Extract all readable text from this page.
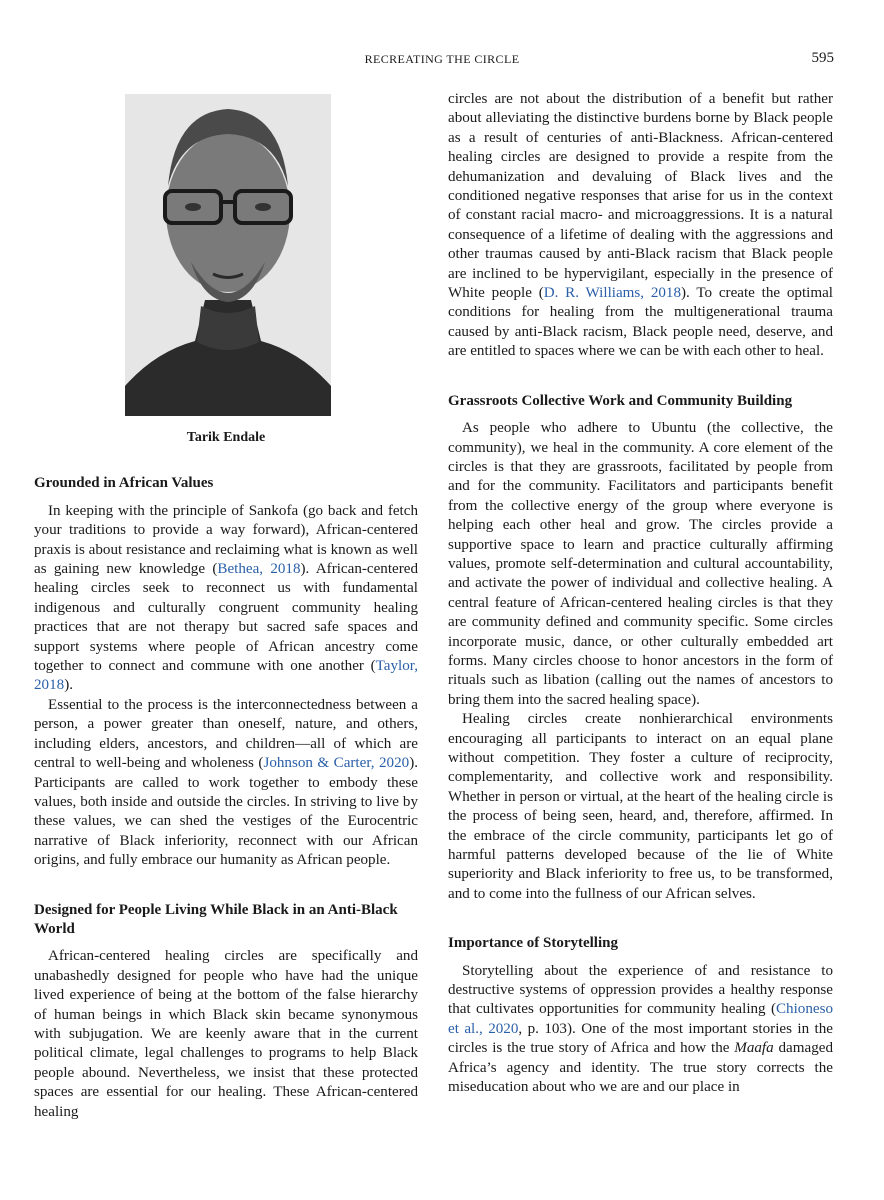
RECREATING THE CIRCLE	595
Tarik Endale
Grounded in African Values

In keeping with the principle of Sankofa (go back and fetch your traditions to provide a way forward), African-centered praxis is about resistance and reclaiming what is known as well as gaining new knowledge (Bethea, 2018). African-centered healing circles seek to reconnect us with fundamental indigenous and culturally congruent community healing practices that are not therapy but sacred safe spaces and support systems where people of African ancestry come together to connect and commune with one another (Taylor, 2018).

Essential to the process is the interconnectedness between a person, a power greater than oneself, nature, and others, including elders, ancestors, and children—all of which are central to well-being and wholeness (Johnson & Carter, 2020). Participants are called to work together to embody these values, both inside and outside the circles. In striving to live by these values, we can shed the vestiges of the Eurocentric narrative of Black inferiority, reconnect with our African origins, and fully embrace our humanity as African people.

Designed for People Living While Black in an Anti-Black World

African-centered healing circles are specifically and unabashedly designed for people who have had the unique lived experience of being at the bottom of the false hierarchy of human beings in which Black skin became synonymous with subjugation. We are keenly aware that in the current political climate, legal challenges to programs to help Black people abound. Nevertheless, we insist that these protected spaces are essential for our healing. These African-centered healing

circles are not about the distribution of a benefit but rather about alleviating the distinctive burdens borne by Black people as a result of centuries of anti-Blackness. African-centered healing circles are designed to provide a respite from the dehumanization and devaluing of Black lives and the conditioned negative responses that arise for us in the context of constant racial macro- and microaggressions. It is a natural consequence of a lifetime of dealing with the aggressions and other traumas caused by anti-Black racism that Black people are inclined to be hypervigilant, especially in the presence of White people (D. R. Williams, 2018). To create the optimal conditions for healing from the multigenerational trauma caused by anti-Black racism, Black people need, deserve, and are entitled to spaces where we can be with each other to heal.

Grassroots Collective Work and Community Building

As people who adhere to Ubuntu (the collective, the community), we heal in the community. A core element of the circles is that they are grassroots, facilitated by people from and for the community. Facilitators and participants benefit from the collective energy of the group where everyone is helping each other heal and grow. The circles provide a supportive space to learn and practice culturally affirming values, promote self-determination and cultural accountability, and activate the power of individual and collective healing. A central feature of African-centered healing circles is that they are community defined and community specific. Some circles incorporate music, dance, or other culturally embedded art forms. Many circles choose to honor ancestors in the form of rituals such as libation (calling out the names of ancestors to bring them into the sacred healing space).

Healing circles create nonhierarchical environments encouraging all participants to interact on an equal plane without competition. They foster a culture of reciprocity, complementarity, and collective work and responsibility. Whether in person or virtual, at the heart of the healing circle is the process of being seen, heard, and, therefore, affirmed. In the embrace of the circle community, participants let go of harmful patterns developed because of the lie of White superiority and Black inferiority to free us, to be transformed, and to come into the fullness of our African selves.

Importance of Storytelling

Storytelling about the experience of and resistance to destructive systems of oppression provides a healthy response that cultivates opportunities for community healing (Chioneso et al., 2020, p. 103). One of the most important stories in the circles is the true story of Africa and how the Maafa damaged Africa’s agency and identity. The true story corrects the miseducation about who we are and our place in
